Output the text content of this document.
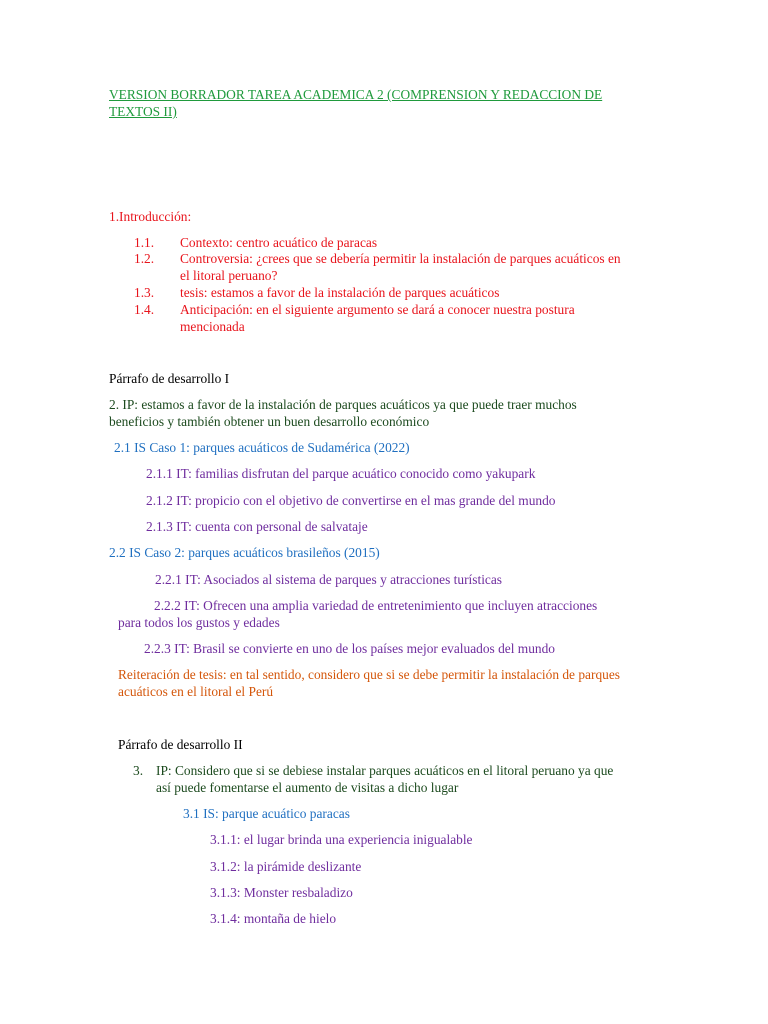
VERSION BORRADOR TAREA ACADEMICA 2 (COMPRENSION Y REDACCION DE

TEXTOS II)

1.Introducción:

1.1. Contexto: centro acuático de paracas

1.2. Controversia: ¿crees que se debería permitir la instalación de parques acuáticos en

el litoral peruano?

1.3. tesis: estamos a favor de la instalación de parques acuáticos

1.4. Anticipación: en el siguiente argumento se dará a conocer nuestra postura

mencionada

Párrafo de desarrollo I

2. IP: estamos a favor de la instalación de parques acuáticos ya que puede traer muchos

beneficios y también obtener un buen desarrollo económico

2.1 IS Caso 1: parques acuáticos de Sudamérica (2022)

2.1.1 IT: familias disfrutan del parque acuático conocido como yakupark

2.1.2 IT: propicio con el objetivo de convertirse en el mas grande del mundo

2.1.3 IT: cuenta con personal de salvataje

2.2 IS Caso 2: parques acuáticos brasileños (2015)

2.2.1 IT: Asociados al sistema de parques y atracciones turísticas

2.2.2 IT: Ofrecen una amplia variedad de entretenimiento que incluyen atracciones

para todos los gustos y edades

2.2.3 IT: Brasil se convierte en uno de los países mejor evaluados del mundo

Reiteración de tesis: en tal sentido, considero que si se debe permitir la instalación de parques

acuáticos en el litoral el Perú

Párrafo de desarrollo II

3. IP: Considero que si se debiese instalar parques acuáticos en el litoral peruano ya que

así puede fomentarse el aumento de visitas a dicho lugar

3.1 IS: parque acuático paracas

3.1.1: el lugar brinda una experiencia inigualable

3.1.2: la pirámide deslizante

3.1.3: Monster resbaladizo

3.1.4: montaña de hielo
